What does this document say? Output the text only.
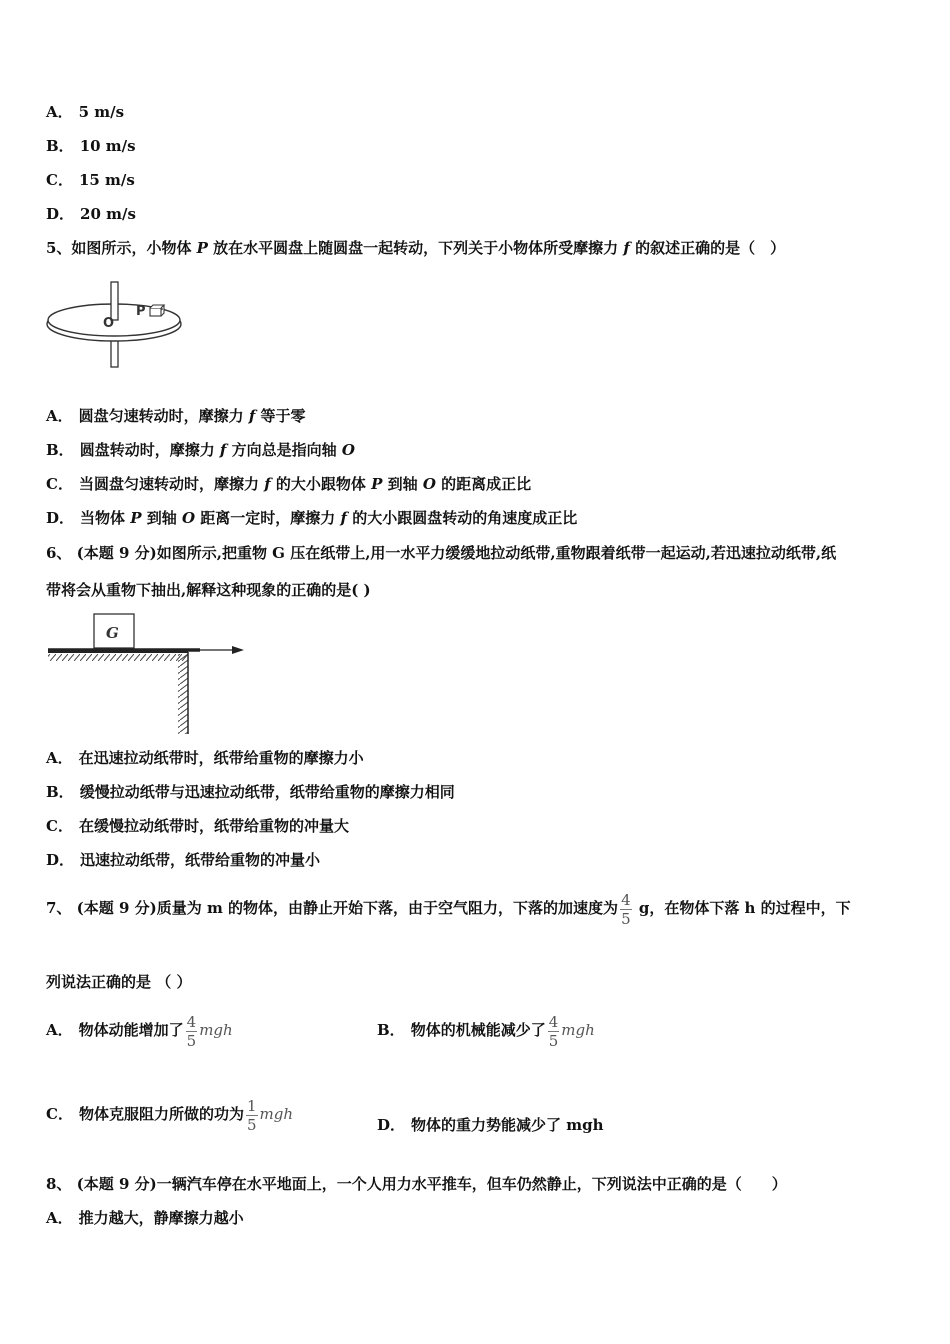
A． 5 m/s
B． 10 m/s
C． 15 m/s
D． 20 m/s
5、如图所示，小物体 P 放在水平圆盘上随圆盘一起转动，下列关于小物体所受摩擦力 f 的叙述正确的是（　）
O
P
A． 圆盘匀速转动时，摩擦力 f 等于零
B． 圆盘转动时，摩擦力 f 方向总是指向轴 O
C． 当圆盘匀速转动时，摩擦力 f 的大小跟物体 P 到轴 O 的距离成正比
D． 当物体 P 到轴 O 距离一定时，摩擦力 f 的大小跟圆盘转动的角速度成正比
6、 (本题 9 分)如图所示,把重物 G 压在纸带上,用一水平力缓缓地拉动纸带,重物跟着纸带一起运动,若迅速拉动纸带,纸
带将会从重物下抽出,解释这种现象的正确的是( )
G
A． 在迅速拉动纸带时，纸带给重物的摩擦力小
B． 缓慢拉动纸带与迅速拉动纸带，纸带给重物的摩擦力相同
C． 在缓慢拉动纸带时，纸带给重物的冲量大
D． 迅速拉动纸带，纸带给重物的冲量小
7、 (本题 9 分)质量为 m 的物体，由静止开始下落，由于空气阻力，下落的加速度为 $\frac{4}{5}$ g，在物体下落 h 的过程中，下
列说法正确的是 （ ）
A． 物体动能增加了 $\frac{4}{5}$ mgh	B． 物体的机械能减少了 $\frac{4}{5}$ mgh
C． 物体克服阻力所做的功为 $\frac{1}{5}$ mgh
D． 物体的重力势能减少了 mgh
8、 (本题 9 分)一辆汽车停在水平地面上，一个人用力水平推车，但车仍然静止，下列说法中正确的是（　　）
A． 推力越大，静摩擦力越小
